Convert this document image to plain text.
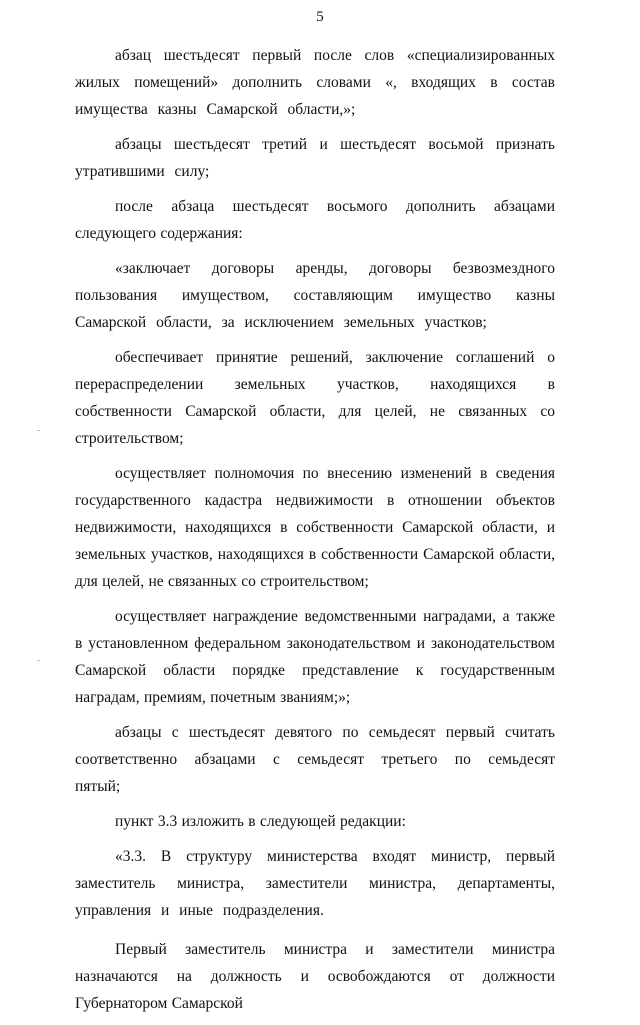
5

абзац шестьдесят первый после слов «специализированных жилых помещений» дополнить словами «, входящих в состав имущества казны Самарской области,»;

абзацы шестьдесят третий и шестьдесят восьмой признать утратившими силу;

после абзаца шестьдесят восьмого дополнить абзацами следующего содержания:

«заключает договоры аренды, договоры безвозмездного пользования имуществом, составляющим имущество казны Самарской области, за исключением земельных участков;

обеспечивает принятие решений, заключение соглашений о перераспределении земельных участков, находящихся в собственности Самарской области, для целей, не связанных со строительством;

осуществляет полномочия по внесению изменений в сведения государственного кадастра недвижимости в отношении объектов недвижимости, находящихся в собственности Самарской области, и земельных участков, находящихся в собственности Самарской области, для целей, не связанных со строительством;

осуществляет награждение ведомственными наградами, а также в установленном федеральном законодательством и законодательством Самарской области порядке представление к государственным наградам, премиям, почетным званиям;»;

абзацы с шестьдесят девятого по семьдесят первый считать соответственно абзацами с семьдесят третьего по семьдесят пятый;

пункт 3.3 изложить в следующей редакции:

«3.3. В структуру министерства входят министр, первый заместитель министра, заместители министра, департаменты, управления и иные подразделения.

Первый заместитель министра и заместители министра назначаются на должность и освобождаются от должности Губернатором Самарской
